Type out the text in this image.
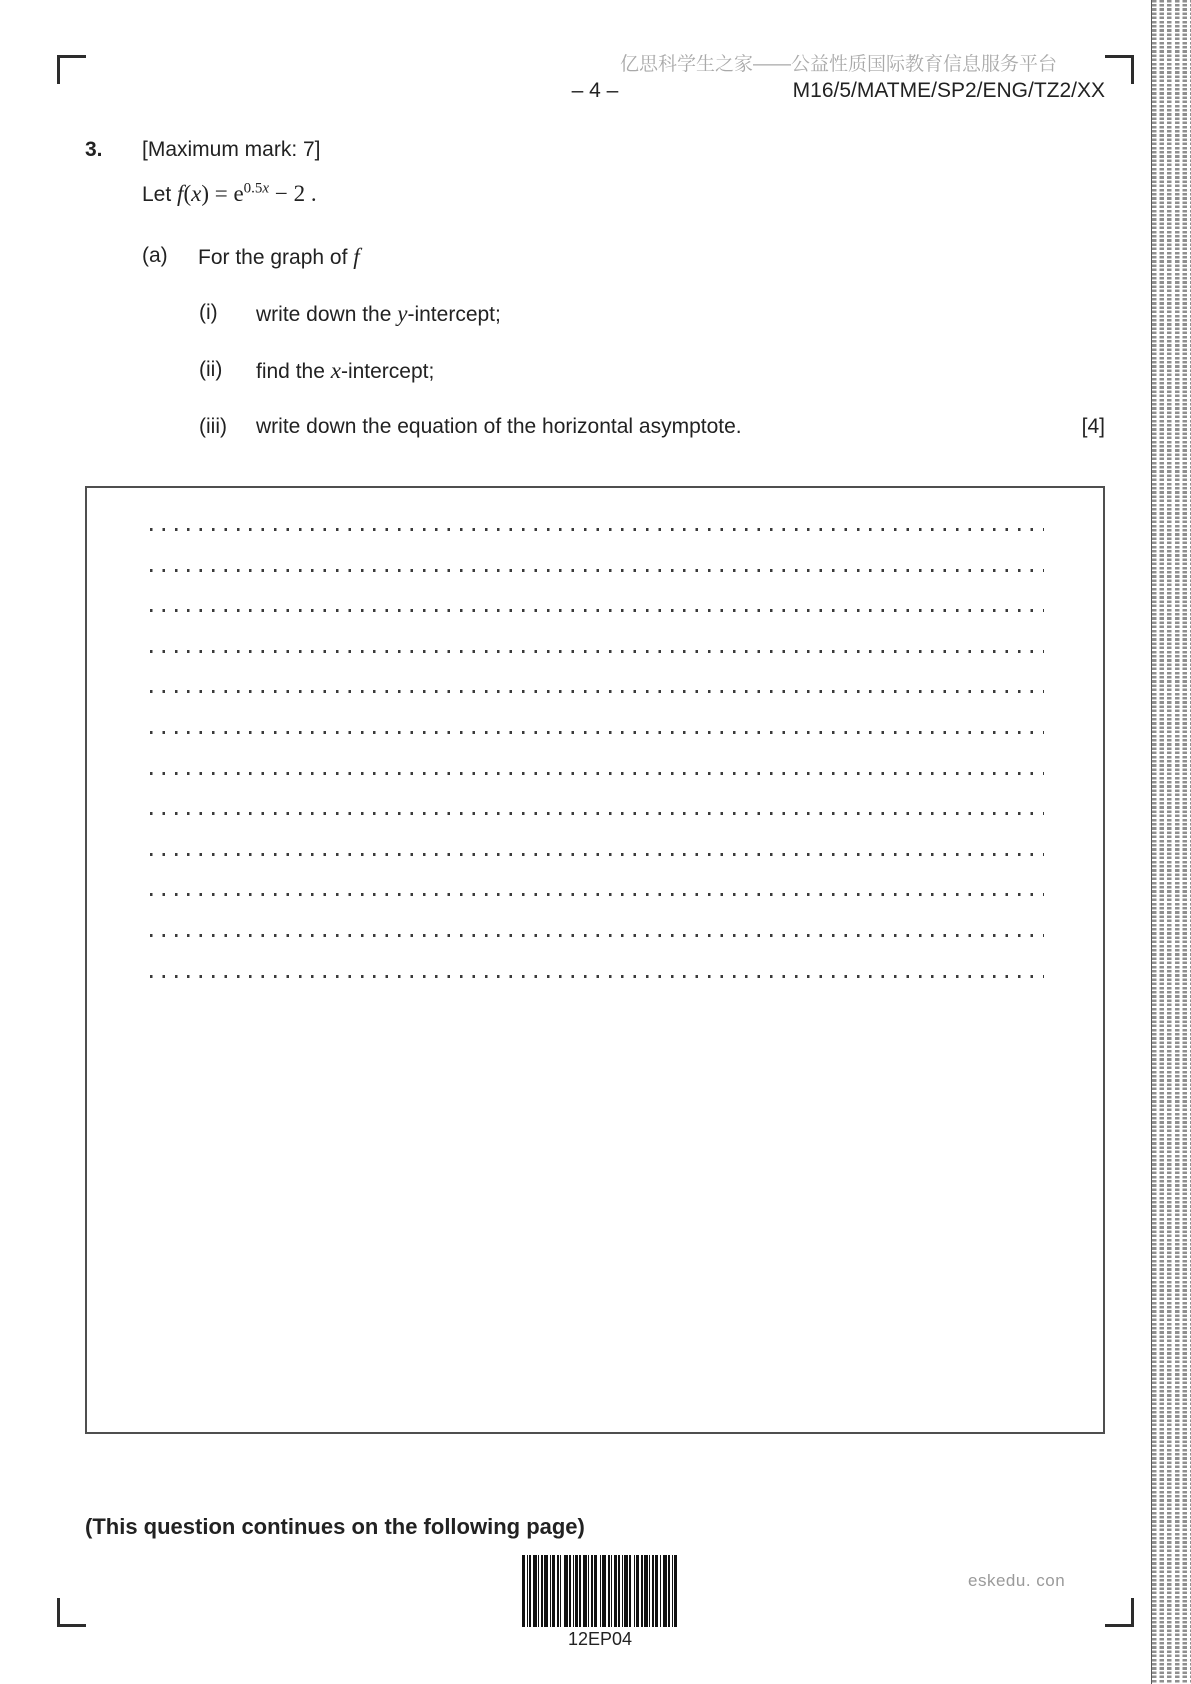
亿思科学生之家——公益性质国际教育信息服务平台
– 4 –	M16/5/MATME/SP2/ENG/TZ2/XX
3. [Maximum mark: 7]
Let $f(x) = e^{0.5x} - 2$ .
(a) For the graph of f
(i) write down the y-intercept;
(ii) find the x-intercept;
(iii) write down the equation of the horizontal asymptote.	[4]
(This question continues on the following page)
12EP04
eskedu. con
